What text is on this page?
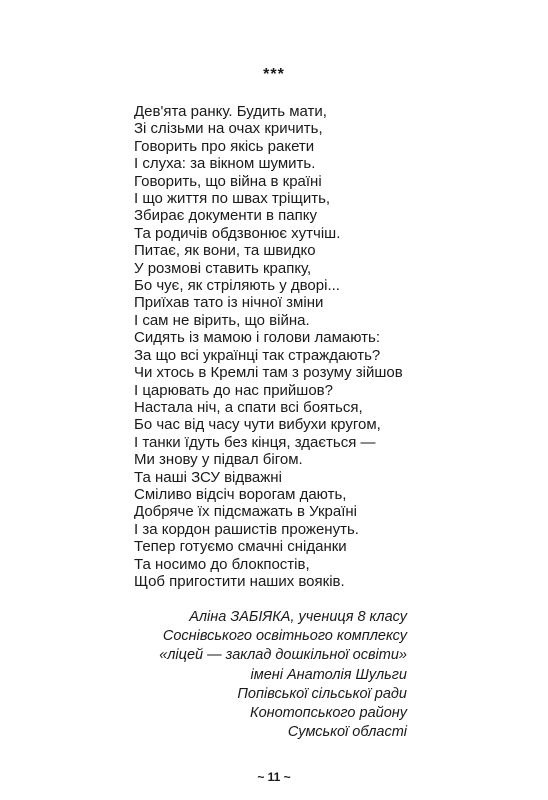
***
Дев'ята ранку. Будить мати,
Зі слізьми на очах кричить,
Говорить про якісь ракети
І слуха: за вікном шумить.
Говорить, що війна в країні
І що життя по швах тріщить,
Збирає документи в папку
Та родичів обдзвонює хутчіш.
Питає, як вони, та швидко
У розмові ставить крапку,
Бо чує, як стріляють у дворі...
Приїхав тато із нічної зміни
І сам не вірить, що війна.
Сидять із мамою і голови ламають:
За що всі українці так страждають?
Чи хтось в Кремлі там з розуму зійшов
І царювать до нас прийшов?
Настала ніч, а спати всі бояться,
Бо час від часу чути вибухи кругом,
І танки їдуть без кінця, здається —
Ми знову у підвал бігом.
Та наші ЗСУ відважні
Сміливо відсіч ворогам дають,
Добряче їх підсмажать в Україні
І за кордон рашистів проженуть.
Тепер готуємо смачні сніданки
Та носимо до блокпостів,
Щоб пригостити наших вояків.
Аліна ЗАБІЯКА, учениця 8 класу
Соснівського освітнього комплексу
«ліцей — заклад дошкільної освіти»
імені Анатолія Шульги
Попівської сільської ради
Конотопського району
Сумської області
~ 11 ~
